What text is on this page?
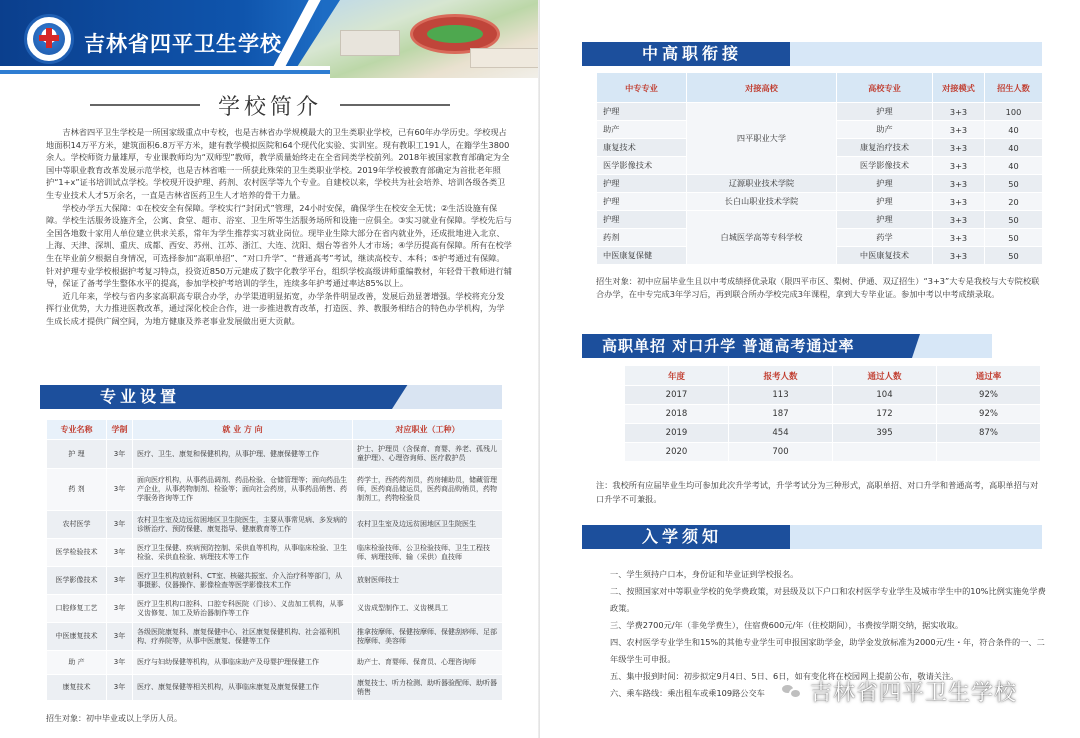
吉林省四平卫生学校
学校简介

吉林省四平卫生学校是一所国家级重点中专校，也是吉林省办学规模最大的卫生类职业学校，已有60年办学历史。学校现占地面积14万平方米，建筑面积6.8万平方米，建有教学模拟医院和64个现代化实验、实训室。现有教职工191人，在籍学生3800余人。学校师资力量雄厚，专业课教师均为“双师型”教师，教学质量始终走在全省同类学校前列。2018年被国家教育部确定为全国中等职业教育改革发展示范学校，也是吉林省唯一一所获此殊荣的卫生类职业学校。2019年学校被教育部确定为首批老年照护“1+x”证书培训试点学校。学校现开设护理、药剂、农村医学等九个专业。自建校以来，学校共为社会培养、培训各级各类卫生专业技术人才5万余名，一直是吉林省医药卫生人才培养的骨干力量。

学校办学五大保障：①在校安全有保障。学校实行“封闭式”管理，24小时安保，确保学生在校安全无忧；②生活设施有保障。学校生活服务设施齐全，公寓、食堂、超市、浴室、卫生所等生活服务场所和设施一应俱全。③实习就业有保障。学校先后与全国各地数十家用人单位建立供求关系，常年为学生推荐实习就业岗位。现毕业生除大部分在省内就业外，还成批地进入北京、上海、天津、深圳、重庆、成都、西安、苏州、江苏、浙江、大连、沈阳、烟台等省外人才市场；④学历提高有保障。所有在校学生在毕业前夕根据自身情况，可选择参加“高职单招”、“对口升学”、“普通高考”考试，继读高校专、本科；⑤护考通过有保障。针对护理专业学校根据护考复习特点，投资近850万元建成了数字化教学平台，组织学校高级讲师重编教材，年轻骨干教师进行辅导，保证了备考学生整体水平的提高，参加学校护考培训的学生，连续多年护考通过率达85%以上。

近几年来，学校与省内多家高职高专联合办学，办学渠道明显拓宽，办学条件明显改善，发展后劲显著增强。学校将充分发挥行业优势，大力推进医教改革，通过深化校企合作，进一步推进教育改革，打造医、养、教服务相结合的特色办学机构，为学生成长成才提供广阔空间，为地方健康及养老事业发展做出更大贡献。

专业设置
专业名称	学制	就 业 方 向	对应职业（工种）
护 理	3年	医疗、卫生、康复和保健机构，从事护理、健康保健等工作	护士、护理员（含保育、育婴、养老、孤残儿童护理）、心理咨询师、医疗救护员
药 剂	3年	面向医疗机构，从事药品调剂、药品检验、仓储管理等；面向药品生产企业，从事药物制剂、检验等；面向社会药房，从事药品销售、药学服务咨询等工作	药学士，西药药剂员，药房辅助员，储藏管理师，医药商品储运员，医药商品购销员，药物制剂工，药物检验员
农村医学	3年	农村卫生室及边远贫困地区卫生院医生，主要从事常见病、多发病的诊断治疗、预防保健、康复指导、健康教育等工作	农村卫生室及边远贫困地区卫生院医生
医学检验技术	3年	医疗卫生保健、疾病预防控制、采供血等机构，从事临床检验、卫生检验、采供血检验、病理技术等工作	临床检验技师、公卫检验技师、卫生工程技师、病理技师、输（采供）血技师
医学影像技术	3年	医疗卫生机构放射科、CT室、核磁共振室、介入治疗科等部门，从事摄影、仪器操作、影像检查等医学影像技术工作	放射医师技士
口腔修复工艺	3年	医疗卫生机构口腔科、口腔专科医院（门诊）、义齿加工机构，从事义齿修复、加工及矫治器制作等工作	义齿成型制作工、义齿模具工
中医康复技术	3年	各级医院康复科、康复保健中心、社区康复保健机构、社会福利机构、疗养院等，从事中医康复、保健等工作	推拿按摩师、保健按摩师、保健刮痧师、足部按摩师、美容师
助 产	3年	医疗与妇幼保健等机构，从事临床助产及母婴护理保健工作	助产士、育婴师、保育员、心理咨询师
康复技术	3年	医疗、康复保健等相关机构，从事临床康复及康复保健工作	康复技士、听力检测、助听器验配师、助听器销售
招生对象：初中毕业或以上学历人员。
中高职衔接
中专专业	对接高校	高校专业	对接模式	招生人数
护理	四平职业大学	护理	3+3	100
助产		助产	3+3	40
康复技术		康复治疗技术	3+3	40
医学影像技术		医学影像技术	3+3	40
护理	辽源职业技术学院	护理	3+3	50
护理	长白山职业技术学院	护理	3+3	20
护理	白城医学高等专科学校	护理	3+3	50
药剂		药学	3+3	50
中医康复保健		中医康复技术	3+3	50
招生对象：初中应届毕业生且以中考成绩择优录取（限四平市区、梨树、伊通、双辽招生）“3+3”大专是我校与大专院校联合办学，在中专完成3年学习后，再到联合所办学校完成3年课程，拿到大专毕业证。参加中考以中考成绩录取。
高职单招 对口升学 普通高考通过率
年度	报考人数	通过人数	通过率
2017	113	104	92%
2018	187	172	92%
2019	454	395	87%
2020	700		
注：我校所有应届毕业生均可参加此次升学考试，升学考试分为三种形式，高职单招、对口升学和普通高考，高职单招与对口升学不可兼报。
入学须知
一、学生须持户口本，身份证和毕业证到学校报名。
二、按照国家对中等职业学校的免学费政策，对县级及以下户口和农村医学专业学生及城市学生中的10%比例实施免学费政策。
三、学费2700元/年（非免学费生），住宿费600元/年（住校期间），书费按学期交纳，据实收取。
四、农村医学专业学生和15%的其他专业学生可申报国家助学金，助学金发放标准为2000元/生・年，符合条件的一、二年级学生可申报。
五、集中报到时间：初步拟定9月4日、5日、6日，如有变化将在校园网上提前公布，敬请关注。
六、乘车路线：乘出租车或乘109路公交车	吉林省四平卫生学校
